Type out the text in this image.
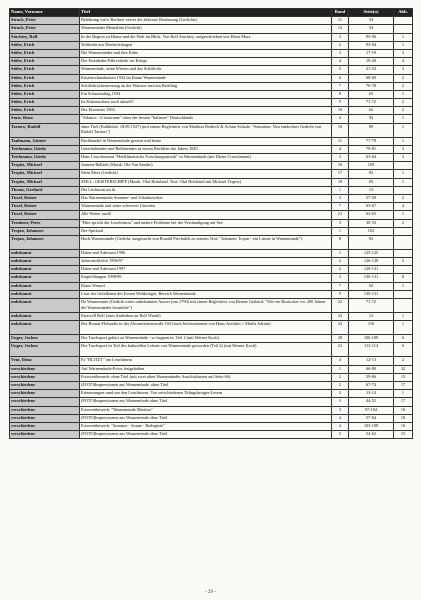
Name, Vorname	Titel	Band	Seite(n)	Abb.
Struck, Peter	Belehrung von'n Berliner oewer dei akkerate Benömung (Gedichte)	11	54	
Struck, Peter	Warnemünder Mentalität (Gedicht)	12	54	
Stuchtey, Rolf	In der Region zu Hause und die Welt im Blick. Von Rolf Stuchtey, aufgeschrieben von Horst Marx	3	95-96	1
Stübe, Erich	Walkerde aus Diedrichshagen	2	93-94	1
Stübe, Erich	Die Warnemünder und ihre Kühe	3	17-19	3
Stübe, Erich	Der Eisenbahn-Fährverkehr im Kriege	4	19-20	4
Stübe, Erich	Warnemünde, seine Wiesen und das Schilfrohr	5	21-23	3
Stübe, Erich	Küstenschutzbauten 1932 im Raum Warnemünde	6	68-69	2
Stübe, Erich	Schiffsbrückenwerung an der Warnow und am Breitling	7	76-78	2
Stübe, Erich	Ein Schaulauftag 1934	8	63	1
Stübe, Erich	Ist Küstenschutz noch aktuell?	9	71-72	2
Stübe, Erich	Der Eiswinter 1963	10	62	2
Stutz, Reno	"Atlantic - il ristorante" einer der besten "Italiener" Deutschlands	4	93	1
Tarnow, Rudolf	ohne Titel (Kalkhütte, 18.09.1927) (mit einem Begleittext von Matthias Redieck & Achim Schade: "Sensation: Neu entdecktes Gedicht von Rudolf Tarnow")	16	89	1
Taufmann, Günter	Buchhandel in Warnemünde gestern und heute	11	77-78	1
Teichmann, Gisela	Unterhaltendes und Belehrendes in einem Büchlein des Jahres 1845	4	79-81	3
Teichmann, Gisela	Hans Cruschmanns "Heilklimatische Forschungsanstalt" in Warnemünde (mit Dieter Cruschmann)	3	63-64	3
Terpitz, Michael	Jantzen-Ballade (Musik: Ola Van Sander)	16	109	
Terpitz, Michael	Mein Meer (Gedicht)	17	83	1
Terpitz, Michael	SPILL: GEISTERSCHIFF (Musik: Olaf Hohrland. Text: Olaf Hohrland mit Michael Terpitz)	18	83	1
Thoms, Gerhard	Die Lüchturm un ik	1	13	
Tiesel, Reiner	Das Warnemünder Sommer- und Urlaubswetter	3	57-59	2
Tiesel, Reiner	Warnemünde und seine schweren Unwetter	7	63-67	4
Tiesel, Reiner	Alle Wetter auch!	21	63-65	1
Trenkner, Peter	"Hier spricht der Leuchtturm" und andere Probleme bei der Verständigung auf See	3	30-33	2
Trojan, Johannes	Der Spickaal	1	103	
Trojan, Johannes	Hoch Warnemünde (Gedicht, ausgesucht von Ronald Piechulek zu seinem Text: "Johannes Trojan - ein Literat in Warnemünde")	8	83	
unbekannt	Daten und Adressen 1996	1	125-125	
unbekannt	Jahresrückblick 1996/97	2	126-128	5
unbekannt	Daten und Adressen 1997	2	129-131	
unbekannt	Empfehlungen 1998/99	3	130-131	8
unbekannt	Klaus Wenzel	7	92	1
unbekannt	Liste der Gefallenen des Ersten Weltkrieges, Bereich Warnemünde	9	130-131	
unbekannt	De Warnminner (Gedicht eines unbekannten Autors (um 1790) mit einem Begleittext von Renate Gerhard: "Wie ein Rostocker vor 200 Jahren die Warnemünder beurteilte")	22	71-72	
unbekannt	Farewell Rolf (zum Andenken an Rolf Wendt)	23	12	1
unbekannt	Der Bonsai-Holunder in der Alexandrinenstraße 104 (nach Informationen von Hans-Joachim + Marlis Adrian)	23	116	1
Unger, Jochen	Der Taschsport gehört zu Warnemünde - so begann es. Teil 1 (mit Werner Koch)	20	106-109	6
Unger, Jochen	Der Taschsport ist Teil des kulturellen Lebens von Warnemünde geworden (Teil 2) (mit Werner Koch)	21	112-114	6
Vent, Ilona	Es "BLITZT" am Leuchtturm	4	12-13	2
verschiedene	Auf Warnemünde-Fotos festgehalten	1	66-80	32
verschiedene	Fotowettbewerb: ohne Titel (mit zwei alten Warnemünder Ansichtskarten auf Seite 66)	2	59-66	15
verschiedene	(FOTO)Impressionen aus Warnemünde. ohne Titel	2	67-74	17
verschiedene	Erinnerungen rund um den Leuchtturm. Von verschiedenen Tidingsbringer-Lesern	3	13-14	1
verschiedene	(FOTO)Impressionen aus Warnemünde ohne Titel	3	44-52	17
verschiedene	Fotowettbewerb: "Warnemünde Maritim"	3	97-104	10
verschiedene	(FOTO)Impressionen aus Warnemünde ohne Titel	4	57-64	18
verschiedene	Fotowettbewerb: "Sommer - Sonne - Badegäste"	4	105-108	10
verschiedene	(FOTO)Impressionen aus Warnemünde ohne Titel	5	54-62	15
- 29 -
